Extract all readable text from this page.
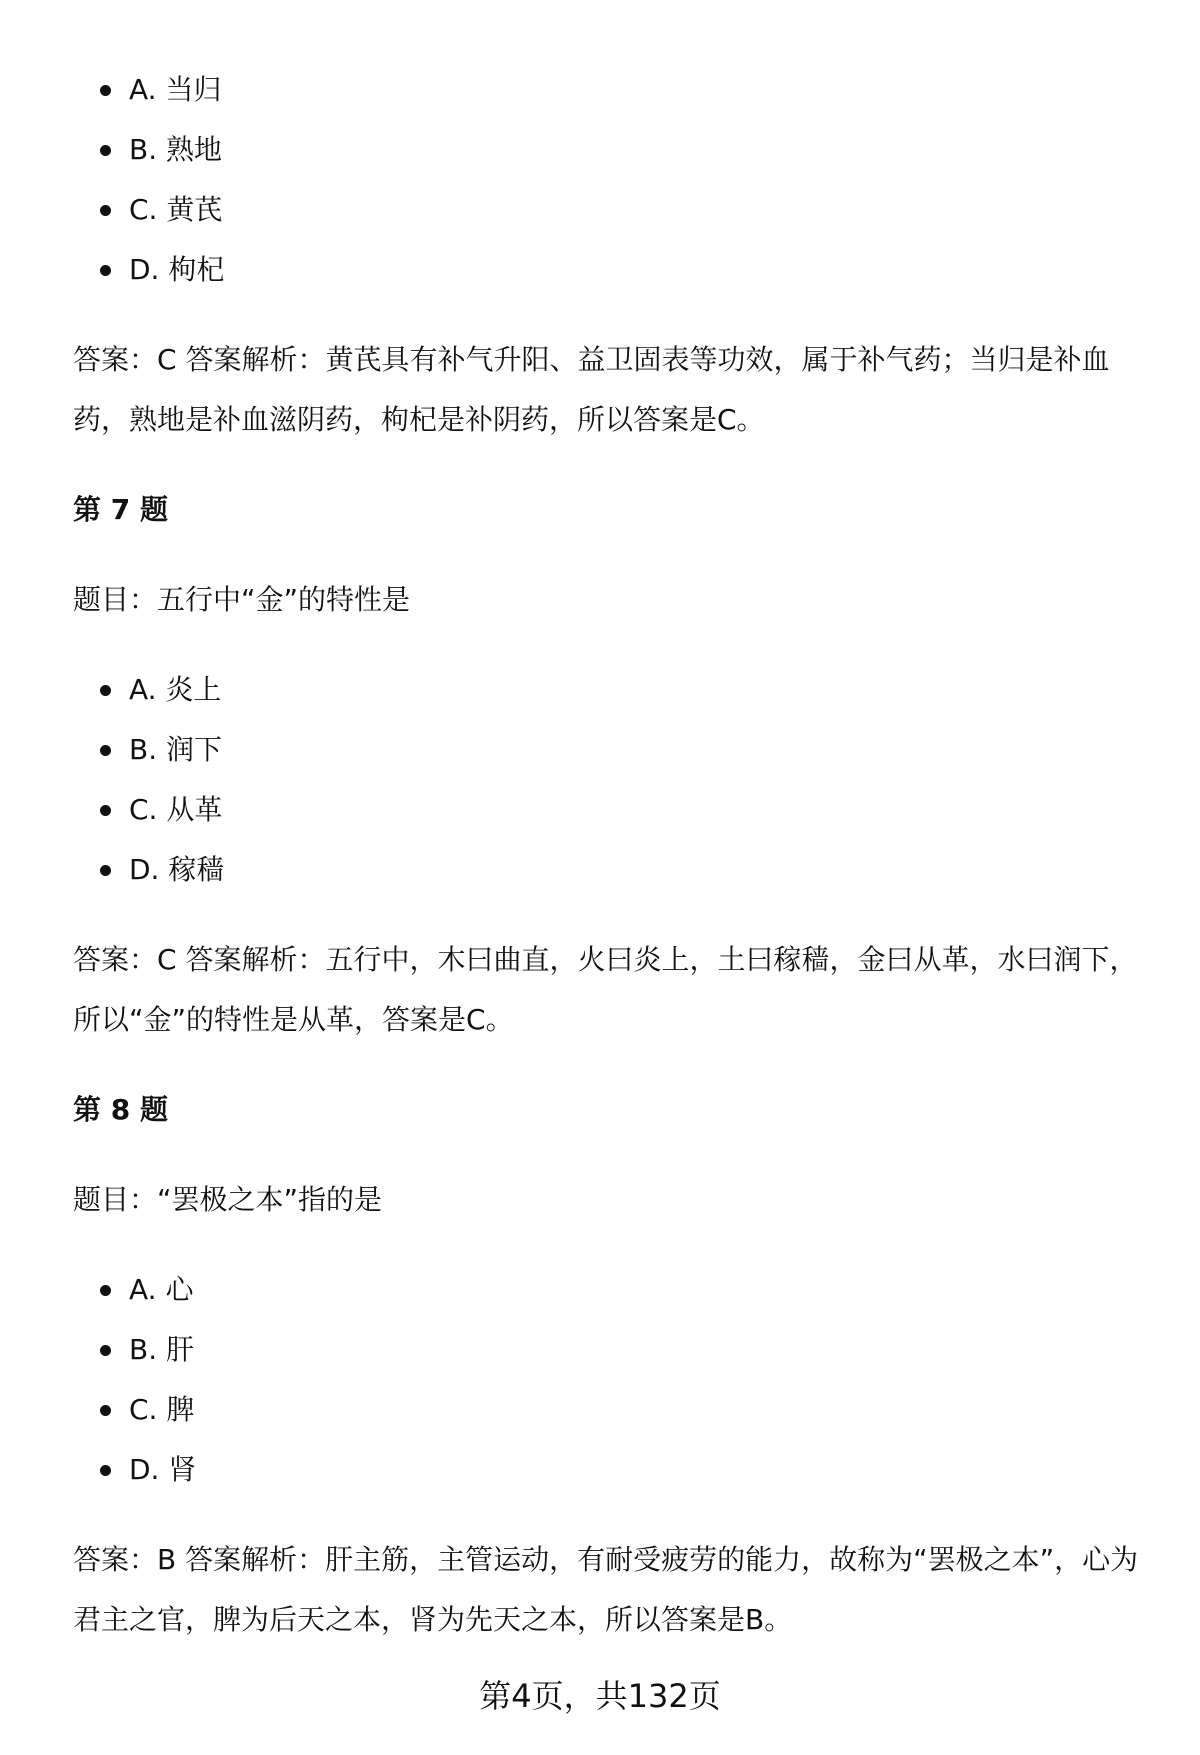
A. 当归
B. 熟地
C. 黄芪
D. 枸杞

答案：C 答案解析：黄芪具有补气升阳、益卫固表等功效，属于补气药；当归是补血药，熟地是补血滋阴药，枸杞是补阴药，所以答案是C。

第 7 题

题目：五行中“金”的特性是

A. 炎上
B. 润下
C. 从革
D. 稼穑

答案：C 答案解析：五行中，木曰曲直，火曰炎上，土曰稼穑，金曰从革，水曰润下，所以“金”的特性是从革，答案是C。

第 8 题

题目：“罢极之本”指的是

A. 心
B. 肝
C. 脾
D. 肾

答案：B 答案解析：肝主筋，主管运动，有耐受疲劳的能力，故称为“罢极之本”，心为君主之官，脾为后天之本，肾为先天之本，所以答案是B。

第4页，共132页
